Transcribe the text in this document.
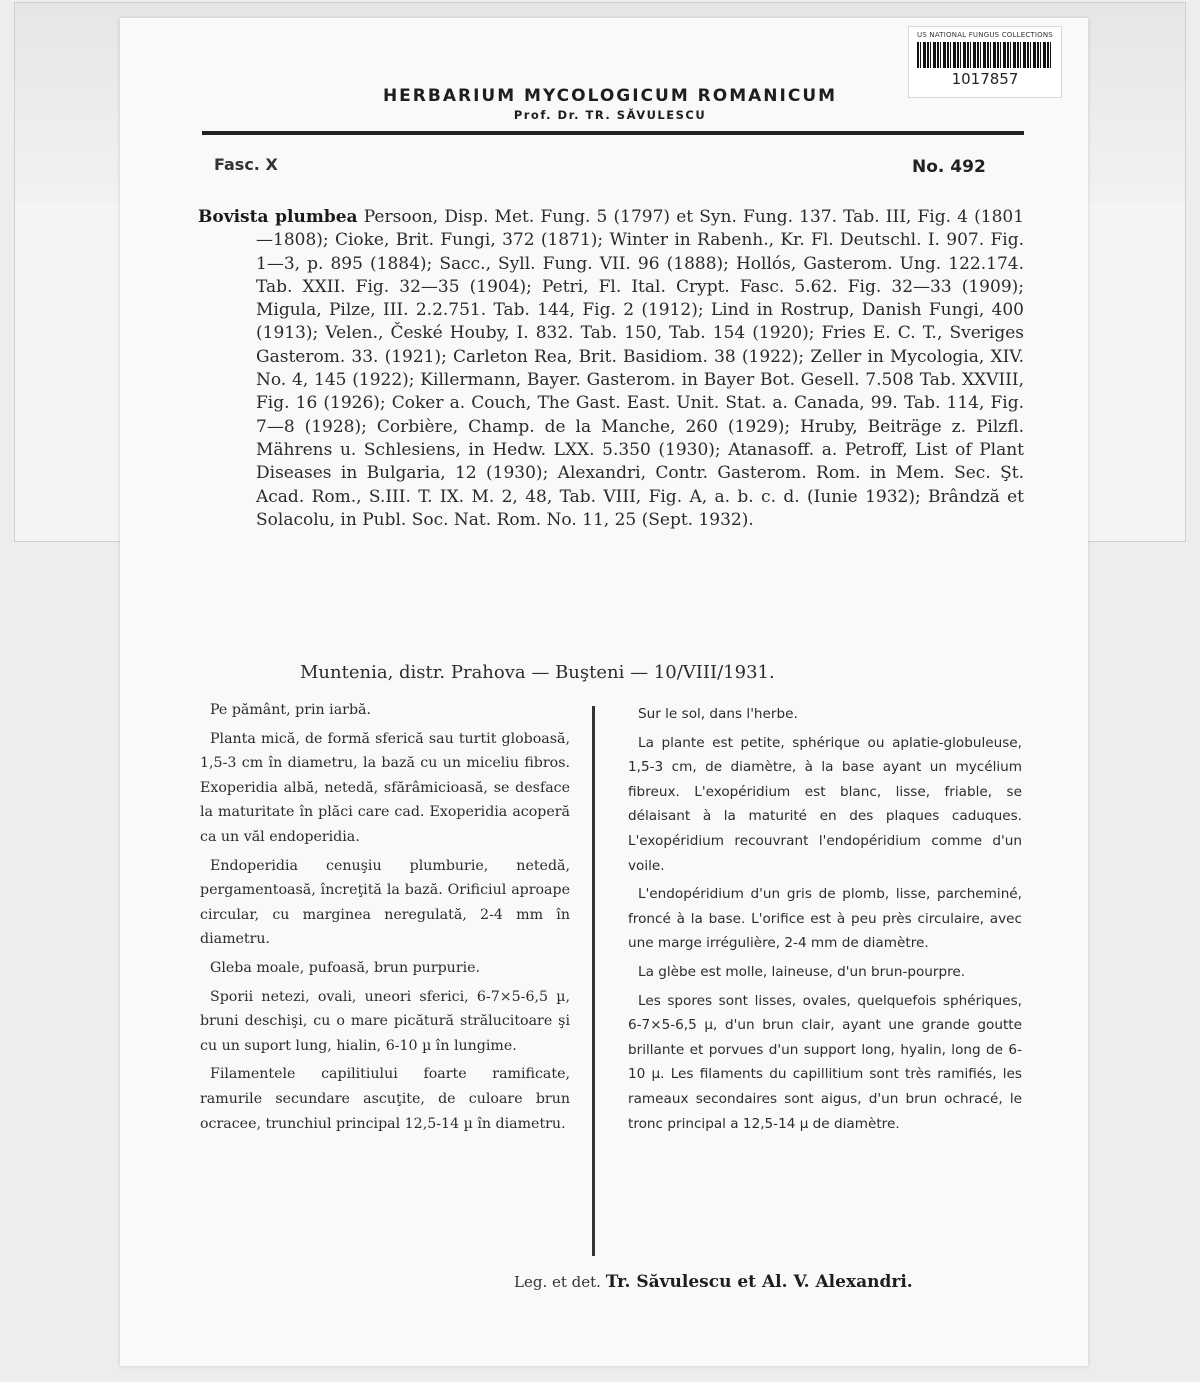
US NATIONAL FUNGUS COLLECTIONS
1017857
HERBARIUM MYCOLOGICUM ROMANICUM
Prof. Dr. TR. SĂVULESCU
Fasc. X	No. 492
Bovista plumbea Persoon, Disp. Met. Fung. 5 (1797) et Syn. Fung. 137. Tab. III, Fig. 4 (1801—1808); Cioke, Brit. Fungi, 372 (1871); Winter in Rabenh., Kr. Fl. Deutschl. I. 907. Fig. 1—3, p. 895 (1884); Sacc., Syll. Fung. VII. 96 (1888); Hollós, Gasterom. Ung. 122.174. Tab. XXII. Fig. 32—35 (1904); Petri, Fl. Ital. Crypt. Fasc. 5.62. Fig. 32—33 (1909); Migula, Pilze, III. 2.2.751. Tab. 144, Fig. 2 (1912); Lind in Rostrup, Danish Fungi, 400 (1913); Velen., České Houby, I. 832. Tab. 150, Tab. 154 (1920); Fries E. C. T., Sveriges Gasterom. 33. (1921); Carleton Rea, Brit. Basidiom. 38 (1922); Zeller in Mycologia, XIV. No. 4, 145 (1922); Killermann, Bayer. Gasterom. in Bayer Bot. Gesell. 7.508 Tab. XXVIII, Fig. 16 (1926); Coker a. Couch, The Gast. East. Unit. Stat. a. Canada, 99. Tab. 114, Fig. 7—8 (1928); Corbière, Champ. de la Manche, 260 (1929); Hruby, Beiträge z. Pilzfl. Mährens u. Schlesiens, in Hedw. LXX. 5.350 (1930); Atanasoff. a. Petroff, List of Plant Diseases in Bulgaria, 12 (1930); Alexandri, Contr. Gasterom. Rom. in Mem. Sec. Şt. Acad. Rom., S.III. T. IX. M. 2, 48, Tab. VIII, Fig. A, a. b. c. d. (Iunie 1932); Brândză et Solacolu, in Publ. Soc. Nat. Rom. No. 11, 25 (Sept. 1932).
Muntenia, distr. Prahova — Buşteni — 10/VIII/1931.

Pe pământ, prin iarbă.

Planta mică, de formă sferică sau turtit globoasă, 1,5-3 cm în diametru, la bază cu un miceliu fibros. Exoperidia albă, netedă, sfărâmicioasă, se desface la maturitate în plăci care cad. Exoperidia acoperă ca un văl endoperidia.

Endoperidia cenuşiu plumburie, netedă, pergamentoasă, încreţită la bază. Orificiul aproape circular, cu marginea neregulată, 2-4 mm în diametru.

Gleba moale, pufoasă, brun purpurie.

Sporii netezi, ovali, uneori sferici, 6-7×5-6,5 µ, bruni deschişi, cu o mare picătură strălucitoare şi cu un suport lung, hialin, 6-10 µ în lungime.

Filamentele capilitiului foarte ramificate, ramurile secundare ascuţite, de culoare brun ocracee, trunchiul principal 12,5-14 µ în diametru.

Sur le sol, dans l'herbe.

La plante est petite, sphérique ou aplatie-globuleuse, 1,5-3 cm, de diamètre, à la base ayant un mycélium fibreux. L'exopéridium est blanc, lisse, friable, se délaisant à la maturité en des plaques caduques. L'exopéridium recouvrant l'endopéridium comme d'un voile.

L'endopéridium d'un gris de plomb, lisse, parcheminé, froncé à la base. L'orifice est à peu près circulaire, avec une marge irrégulière, 2-4 mm de diamètre.

La glèbe est molle, laineuse, d'un brun-pourpre.

Les spores sont lisses, ovales, quelquefois sphériques, 6-7×5-6,5 µ, d'un brun clair, ayant une grande goutte brillante et porvues d'un support long, hyalin, long de 6-10 µ. Les filaments du capillitium sont très ramifiés, les rameaux secondaires sont aigus, d'un brun ochracé, le tronc principal a 12,5-14 µ de diamètre.

Leg. et det. Tr. Săvulescu et Al. V. Alexandri.
